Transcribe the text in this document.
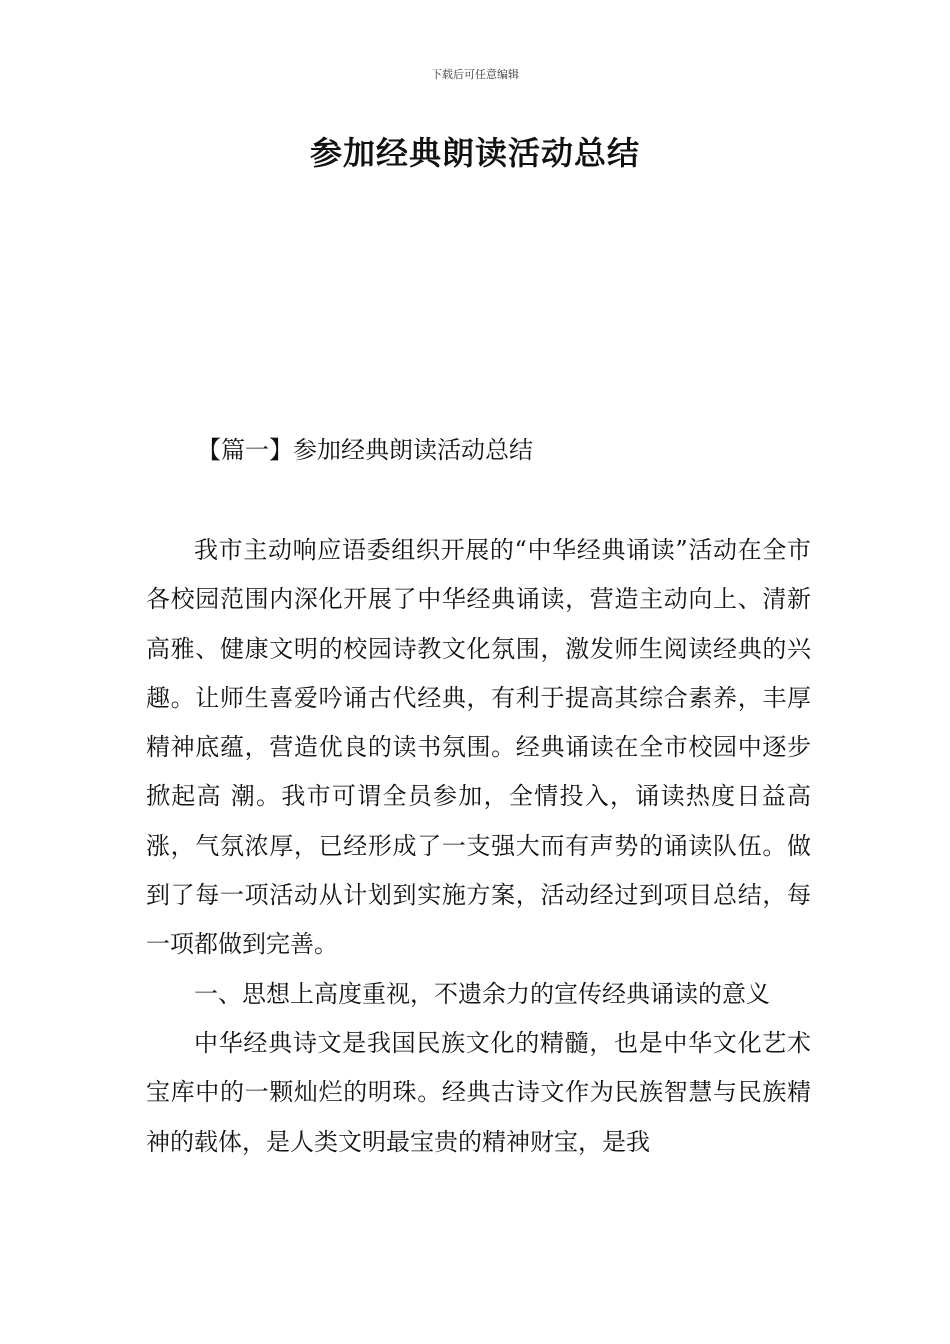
下载后可任意编辑
参加经典朗读活动总结
【篇一】参加经典朗读活动总结

我市主动响应语委组织开展的“中华经典诵读”活动在全市各校园范围内深化开展了中华经典诵读，营造主动向上、清新高雅、健康文明的校园诗教文化氛围，激发师生阅读经典的兴趣。让师生喜爱吟诵古代经典，有利于提高其综合素养，丰厚精神底蕴，营造优良的读书氛围。经典诵读在全市校园中逐步掀起高 潮。我市可谓全员参加，全情投入，诵读热度日益高涨，气氛浓厚，已经形成了一支强大而有声势的诵读队伍。做到了每一项活动从计划到实施方案，活动经过到项目总结，每一项都做到完善。

一、思想上高度重视，不遗余力的宣传经典诵读的意义

中华经典诗文是我国民族文化的精髓，也是中华文化艺术宝库中的一颗灿烂的明珠。经典古诗文作为民族智慧与民族精神的载体，是人类文明最宝贵的精神财宝，是我
